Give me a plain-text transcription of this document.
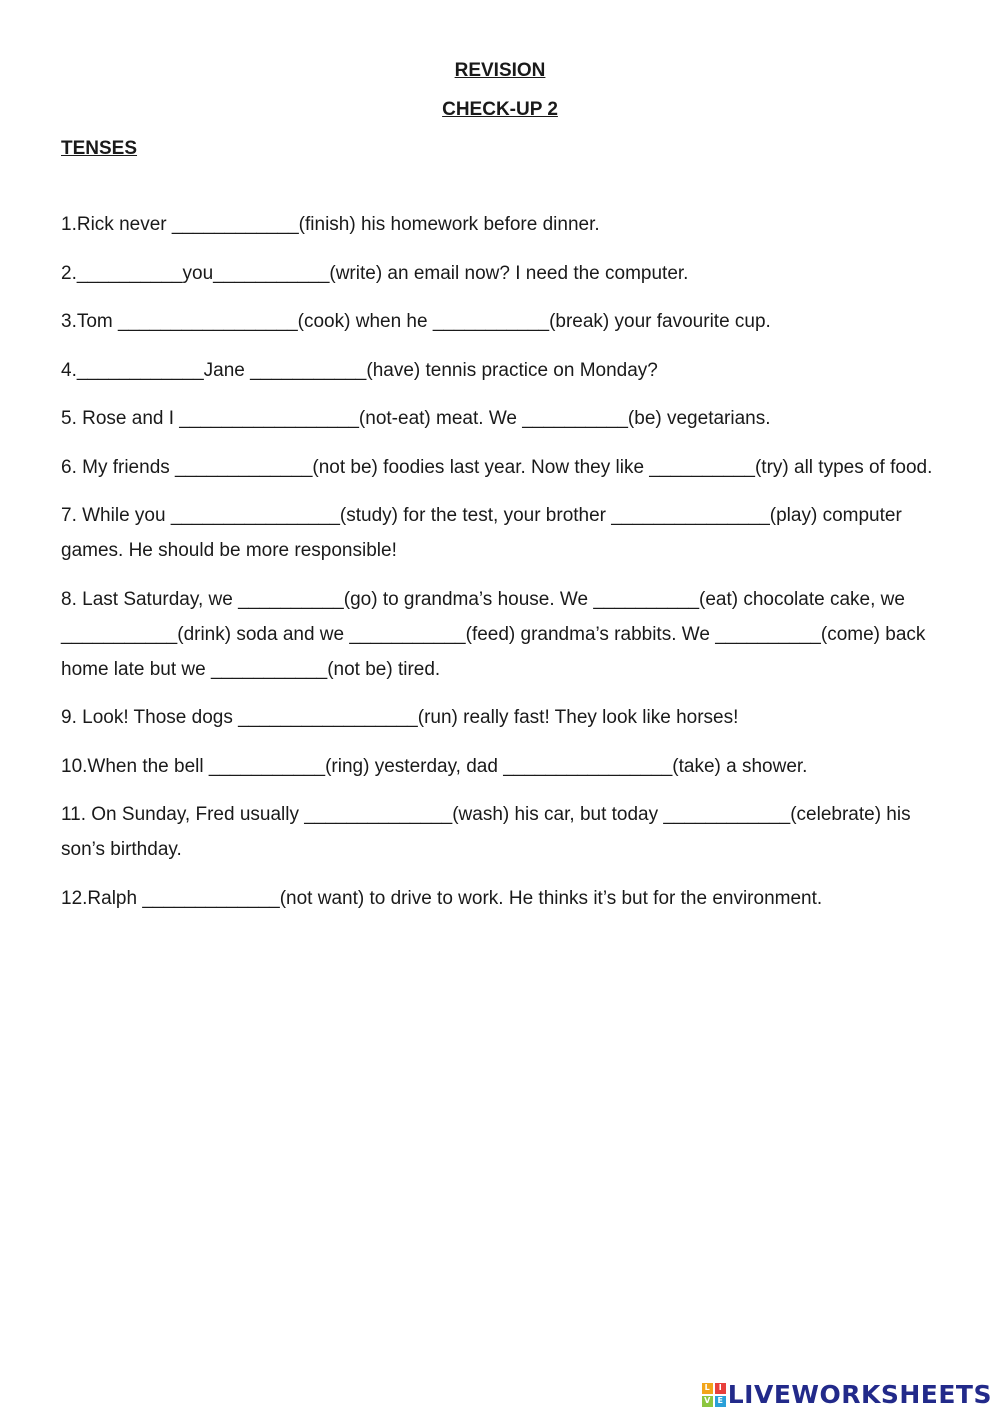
REVISION
CHECK-UP 2
TENSES
1.Rick never ____________(finish) his homework before dinner.
2.__________you___________(write) an email now? I need the computer.
3.Tom _________________(cook) when he ___________(break) your favourite cup.
4.____________Jane ___________(have) tennis practice on Monday?
5. Rose and I _________________(not-eat) meat. We __________(be) vegetarians.
6. My friends _____________(not be) foodies last year. Now they like __________(try) all types of food.
7. While you ________________(study) for the test, your brother _______________(play) computer games. He should be more responsible!
8. Last Saturday, we __________(go) to grandma’s house. We __________(eat) chocolate cake, we ___________(drink) soda and we ___________(feed) grandma’s rabbits. We __________(come) back home late but we ___________(not be) tired.
9. Look! Those dogs _________________(run) really fast! They look like horses!
10.When the bell ___________(ring) yesterday, dad ________________(take) a shower.
11. On Sunday, Fred usually ______________(wash) his car, but today ____________(celebrate) his son’s birthday.
12.Ralph _____________(not want) to drive to work. He thinks it’s but for the environment.
L	I
V E LIVEWORKSHEETS
